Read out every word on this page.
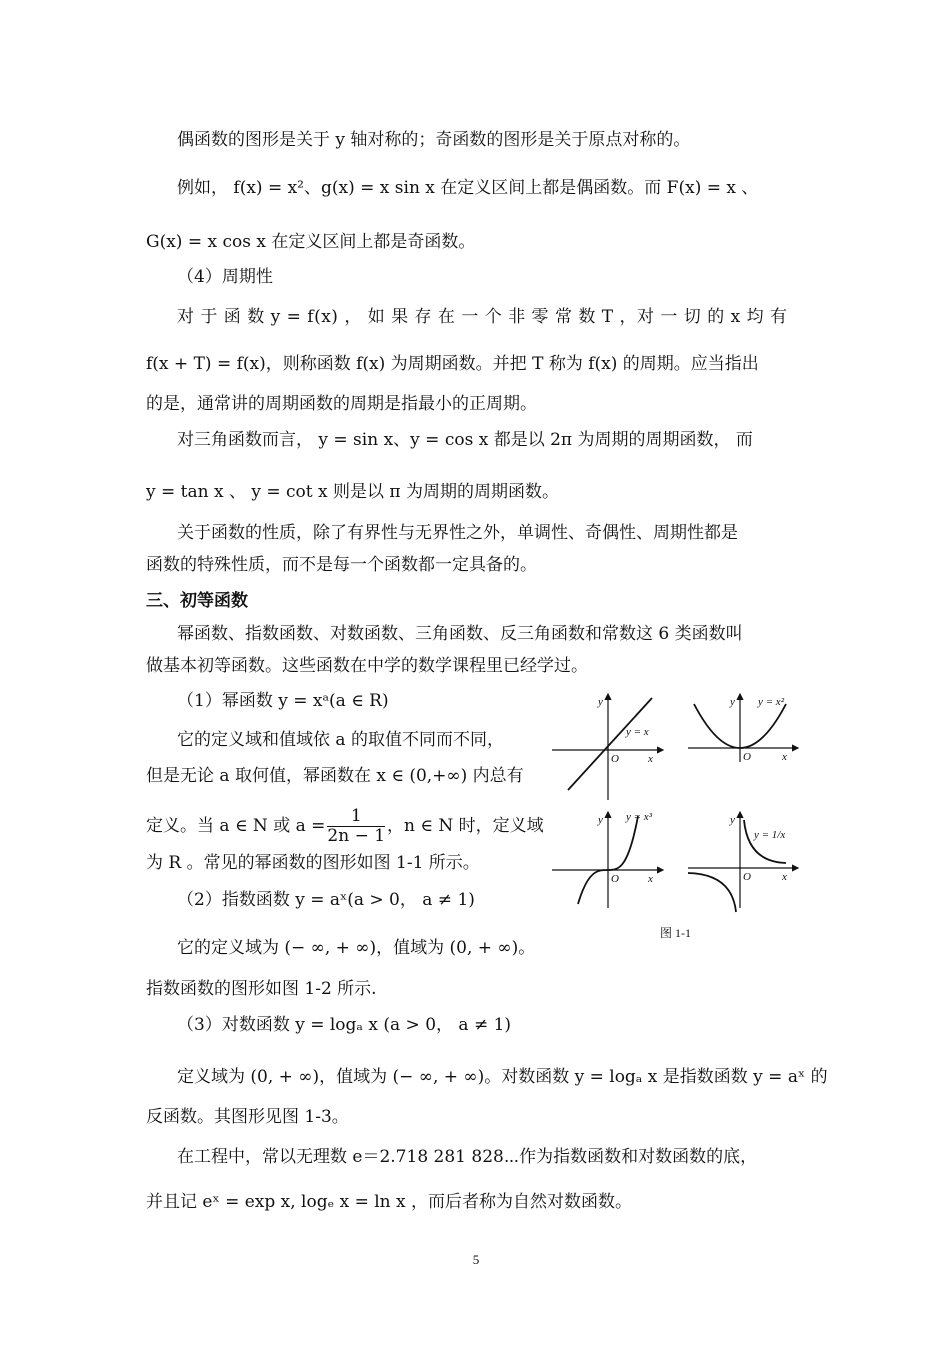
偶函数的图形是关于 y 轴对称的；奇函数的图形是关于原点对称的。
例如， f(x) = x²、g(x) = x sin x 在定义区间上都是偶函数。而 F(x) = x 、
G(x) = x cos x 在定义区间上都是奇函数。
（4）周期性
对 于 函 数 y = f(x) ， 如 果 存 在 一 个 非 零 常 数 T ，对 一 切 的 x 均 有
f(x + T) = f(x)，则称函数 f(x) 为周期函数。并把 T 称为 f(x) 的周期。应当指出
的是，通常讲的周期函数的周期是指最小的正周期。
对三角函数而言， y = sin x、y = cos x 都是以 2π 为周期的周期函数， 而
y = tan x 、 y = cot x 则是以 π 为周期的周期函数。
关于函数的性质，除了有界性与无界性之外，单调性、奇偶性、周期性都是
函数的特殊性质，而不是每一个函数都一定具备的。
三、初等函数
幂函数、指数函数、对数函数、三角函数、反三角函数和常数这 6 类函数叫
做基本初等函数。这些函数在中学的数学课程里已经学过。
（1）幂函数 y = xᵃ(a ∈ R)
它的定义域和值域依 a 的取值不同而不同，
但是无论 a 取何值，幂函数在 x ∈ (0,+∞) 内总有
定义。当 a ∈ N 或 $a = \frac{1}{2n - 1}$ ，n ∈ N 时，定义域
为 R 。常见的幂函数的图形如图 1-1 所示。
（2）指数函数 y = aˣ(a > 0， a ≠ 1)
它的定义域为 (− ∞, + ∞)，值域为 (0, + ∞)。
指数函数的图形如图 1-2 所示.
（3）对数函数 y = logₐ x (a > 0， a ≠ 1)
定义域为 (0, + ∞)，值域为 (− ∞, + ∞)。对数函数 y = logₐ x 是指数函数 y = aˣ 的
反函数。其图形见图 1-3。
在工程中，常以无理数 e＝2.718 281 828⋯作为指数函数和对数函数的底，
并且记 eˣ = exp x, logₑ x = ln x ，而后者称为自然对数函数。
y
O	x
y = x
y
O	x
y = x²
y
O	x
y = x³	y
O	x
y = 1/x
图 1-1
5
